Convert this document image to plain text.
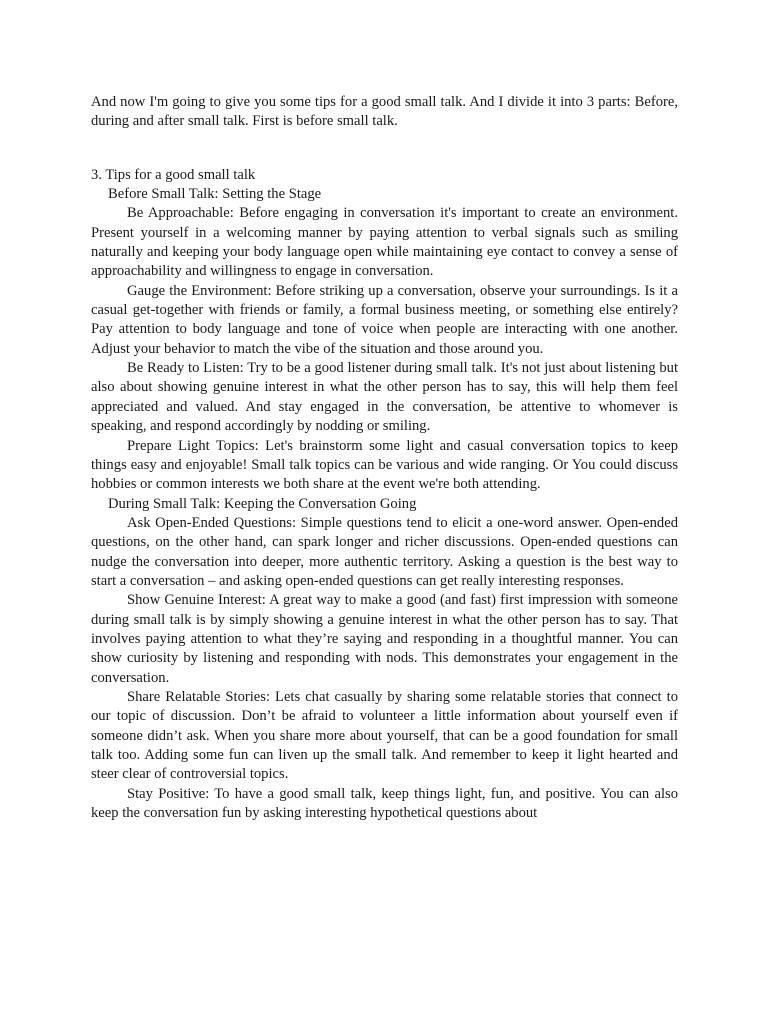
And now I'm going to give you some tips for a good small talk. And I divide it into 3 parts: Before, during and after small talk. First is before small talk.

3. Tips for a good small talk

Before Small Talk: Setting the Stage

Be Approachable: Before engaging in conversation it's important to create an environment. Present yourself in a welcoming manner by paying attention to verbal signals such as smiling naturally and keeping your body language open while maintaining eye contact to convey a sense of approachability and willingness to engage in conversation.

Gauge the Environment: Before striking up a conversation, observe your surroundings. Is it a casual get-together with friends or family, a formal business meeting, or something else entirely? Pay attention to body language and tone of voice when people are interacting with one another. Adjust your behavior to match the vibe of the situation and those around you.

Be Ready to Listen: Try to be a good listener during small talk. It's not just about listening but also about showing genuine interest in what the other person has to say, this will help them feel appreciated and valued. And stay engaged in the conversation, be attentive to whomever is speaking, and respond accordingly by nodding or smiling.

Prepare Light Topics: Let's brainstorm some light and casual conversation topics to keep things easy and enjoyable! Small talk topics can be various and wide ranging. Or You could discuss hobbies or common interests we both share at the event we're both attending.

During Small Talk: Keeping the Conversation Going

Ask Open-Ended Questions: Simple questions tend to elicit a one-word answer. Open-ended questions, on the other hand, can spark longer and richer discussions. Open-ended questions can nudge the conversation into deeper, more authentic territory. Asking a question is the best way to start a conversation – and asking open-ended questions can get really interesting responses.

Show Genuine Interest: A great way to make a good (and fast) first impression with someone during small talk is by simply showing a genuine interest in what the other person has to say. That involves paying attention to what they’re saying and responding in a thoughtful manner. You can show curiosity by listening and responding with nods. This demonstrates your engagement in the conversation.

Share Relatable Stories: Lets chat casually by sharing some relatable stories that connect to our topic of discussion. Don’t be afraid to volunteer a little information about yourself even if someone didn’t ask. When you share more about yourself, that can be a good foundation for small talk too. Adding some fun can liven up the small talk. And remember to keep it light hearted and steer clear of controversial topics.

Stay Positive: To have a good small talk, keep things light, fun, and positive. You can also keep the conversation fun by asking interesting hypothetical questions about
